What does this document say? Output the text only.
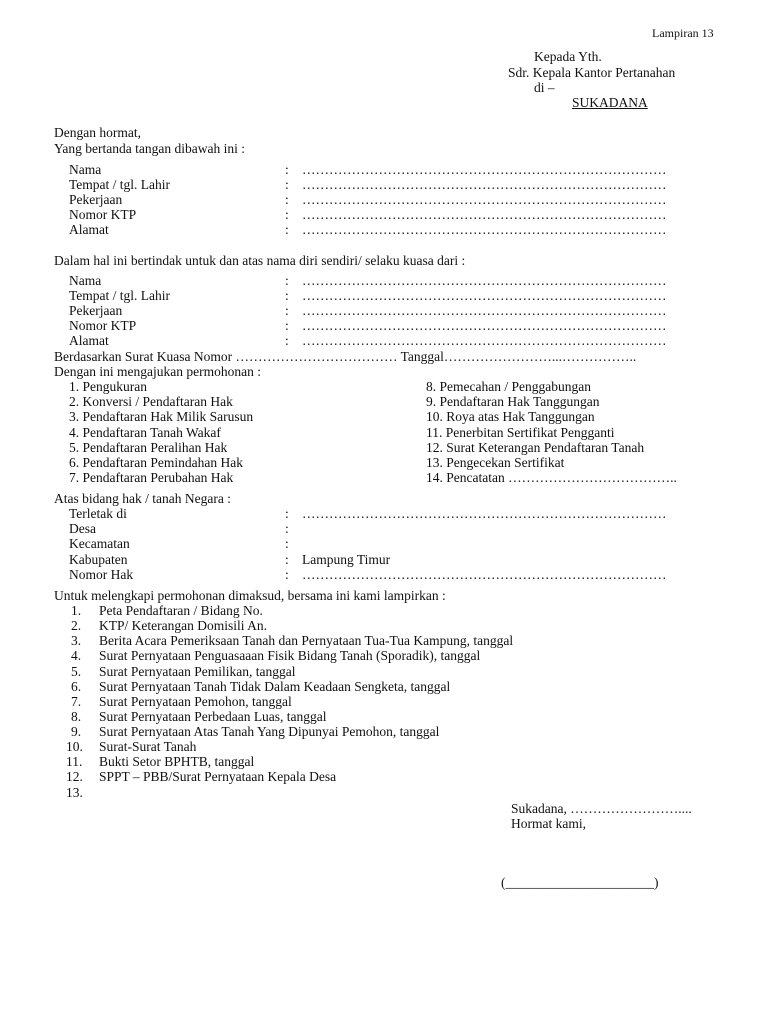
Lampiran 13
Kepada Yth.
Sdr. Kepala Kantor Pertanahan
di –
SUKADANA
Dengan hormat,
Yang bertanda tangan dibawah ini :
Nama	: ………………………………………………………………………
Tempat / tgl. Lahir	: ………………………………………………………………………
Pekerjaan	: ………………………………………………………………………
Nomor KTP	: ………………………………………………………………………
Alamat	: ………………………………………………………………………
Dalam hal ini bertindak untuk dan atas nama diri sendiri/ selaku kuasa dari :
Nama	: ………………………………………………………………………
Tempat / tgl. Lahir	: ………………………………………………………………………
Pekerjaan	: ………………………………………………………………………
Nomor KTP	: ………………………………………………………………………
Alamat	: ………………………………………………………………………
Berdasarkan Surat Kuasa Nomor ……………………………… Tanggal……………………...……………..
Dengan ini mengajukan permohonan :
1. Pengukuran
2. Konversi / Pendaftaran Hak
3. Pendaftaran Hak Milik Sarusun
4. Pendaftaran Tanah Wakaf
5. Pendaftaran Peralihan Hak
6. Pendaftaran Pemindahan Hak
7. Pendaftaran Perubahan Hak
8. Pemecahan / Penggabungan
9. Pendaftaran Hak Tanggungan
10. Roya atas Hak Tanggungan
11. Penerbitan Sertifikat Pengganti
12. Surat Keterangan Pendaftaran Tanah
13. Pengecekan Sertifikat
14. Pencatatan ………………………………..
Atas bidang hak / tanah Negara :
Terletak di	: ………………………………………………………………………
Desa	:
Kecamatan	:
Kabupaten	: Lampung Timur
Nomor Hak	: ………………………………………………………………………
Untuk melengkapi permohonan dimaksud, bersama ini kami lampirkan :
1. Peta Pendaftaran / Bidang No.
2. KTP/ Keterangan Domisili An.
3. Berita Acara Pemeriksaan Tanah dan Pernyataan Tua-Tua Kampung, tanggal
4. Surat Pernyataan Penguasaaan Fisik Bidang Tanah (Sporadik), tanggal
5. Surat Pernyataan Pemilikan, tanggal
6. Surat Pernyataan Tanah Tidak Dalam Keadaan Sengketa, tanggal
7. Surat Pernyataan Pemohon, tanggal
8. Surat Pernyataan Perbedaan Luas, tanggal
9. Surat Pernyataan Atas Tanah Yang Dipunyai Pemohon, tanggal
10. Surat-Surat Tanah
11. Bukti Setor BPHTB, tanggal
12. SPPT – PBB/Surat Pernyataan Kepala Desa
13.
Sukadana, ……………………....
Hormat kami,
(______________________)
